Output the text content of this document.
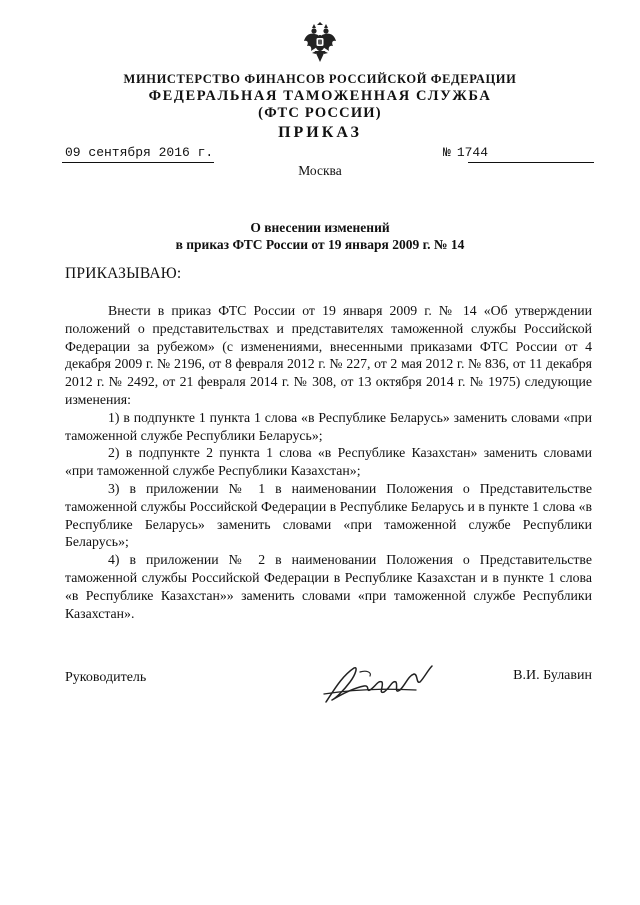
МИНИСТЕРСТВО ФИНАНСОВ РОССИЙСКОЙ ФЕДЕРАЦИИ
ФЕДЕРАЛЬНАЯ ТАМОЖЕННАЯ СЛУЖБА
(ФТС РОССИИ)
ПРИКАЗ
09 сентября 2016 г.	№ 1744
Москва
О внесении изменений
в приказ ФТС России от 19 января 2009 г. № 14
ПРИКАЗЫВАЮ:

Внести в приказ ФТС России от 19 января 2009 г. № 14 «Об утверждении положений о представительствах и представителях таможенной службы Российской Федерации за рубежом» (с изменениями, внесенными приказами ФТС России от 4 декабря 2009 г. № 2196, от 8 февраля 2012 г. № 227, от 2 мая 2012 г. № 836, от 11 декабря 2012 г. № 2492, от 21 февраля 2014 г. № 308, от 13 октября 2014 г. № 1975) следующие изменения:

1) в подпункте 1 пункта 1 слова «в Республике Беларусь» заменить словами «при таможенной службе Республики Беларусь»;

2) в подпункте 2 пункта 1 слова «в Республике Казахстан» заменить словами «при таможенной службе Республики Казахстан»;

3) в приложении № 1 в наименовании Положения о Представительстве таможенной службы Российской Федерации в Республике Беларусь и в пункте 1 слова «в Республике Беларусь» заменить словами «при таможенной службе Республики Беларусь»;

4) в приложении № 2 в наименовании Положения о Представительстве таможенной службы Российской Федерации в Республике Казахстан и в пункте 1 слова «в Республике Казахстан»» заменить словами «при таможенной службе Республики Казахстан».

Руководитель	В.И. Булавин
